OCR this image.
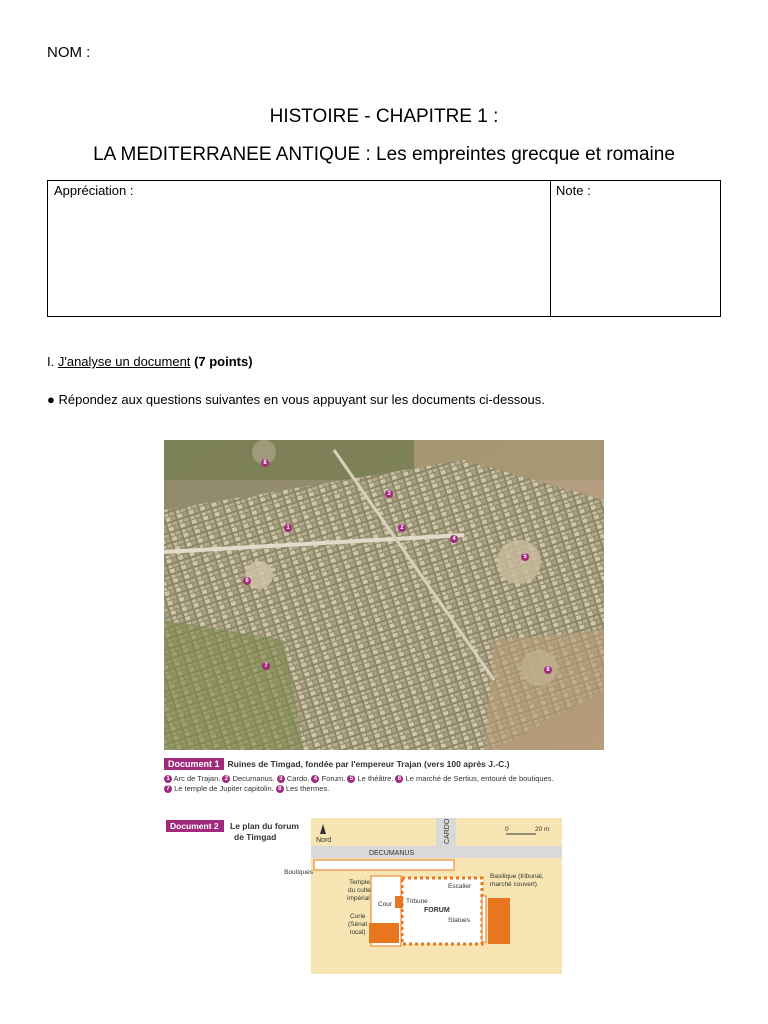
NOM :
HISTOIRE - CHAPITRE 1 :
LA MEDITERRANEE ANTIQUE : Les empreintes grecque et romaine
Appréciation :	Note :
I. J'analyse un document (7 points)
● Répondez aux questions suivantes en vous appuyant sur les documents ci-dessous.
8
3
1	2
4
5
6
7
8
Document 1 Ruines de Timgad, fondée par l'empereur Trajan (vers 100 après J.-C.)
1 Arc de Trajan. 2 Decumanus. 3 Cardo. 4 Forum. 5 Le théâtre. 6 Le marché de Sertius, entouré de boutiques.
7 Le temple de Jupiter capitolin. 8 Les thermes.
Document 2 Le plan du forum
de Timgad	Nord
0	20 m
CARDO
DECUMANUS
Boutiques
Temple
du culte
impérial
Cour
Curie
(Sénat
local)
Tribune
FORUM
Escalier
Statues
Basilique (tribunal,
marché couvert)
